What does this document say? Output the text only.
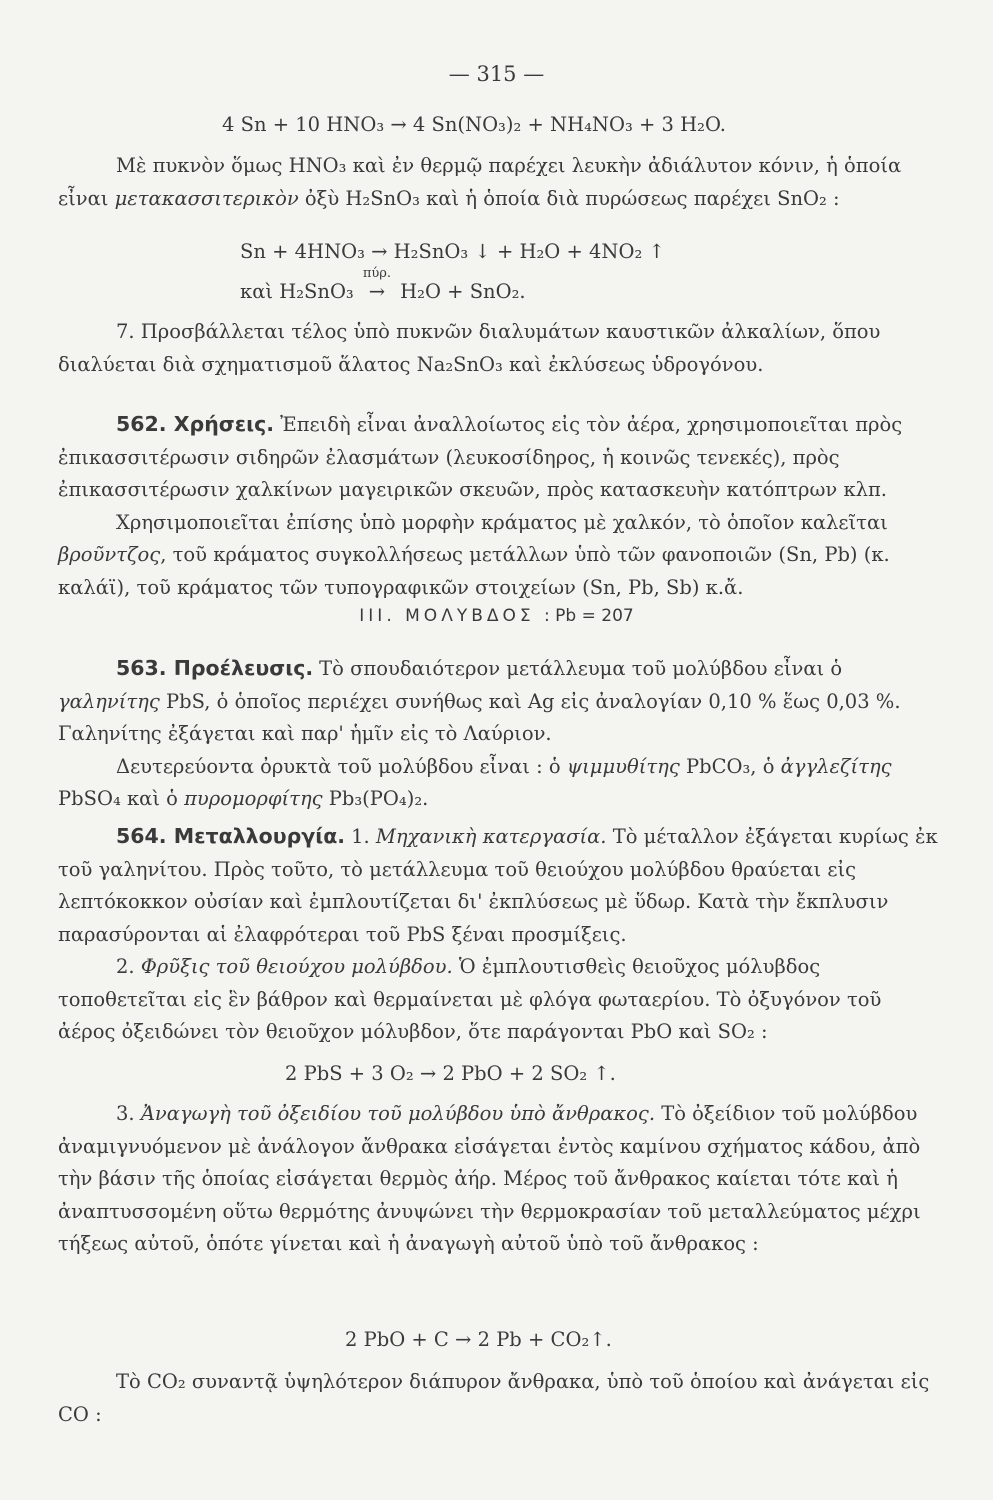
— 315 —
4 Sn + 10 HNO₃ → 4 Sn(NO₃)₂ + NH₄NO₃ + 3 H₂O.
Μὲ πυκνὸν ὅμως HNO₃ καὶ ἐν θερμῷ παρέχει λευκὴν ἀδιάλυτον κόνιν, ἡ ὁποία εἶναι μετακασσιτερικὸν ὀξὺ H₂SnO₃ καὶ ἡ ὁποία διὰ πυρώσεως παρέχει SnO₂ :
Sn + 4HNO₃ → H₂SnO₃ ↓ + H₂O + 4NO₂ ↑
καὶ H₂SnO₃
πύρ.
→ H₂O + SnO₂.
7. Προσβάλλεται τέλος ὑπὸ πυκνῶν διαλυμάτων καυστικῶν ἀλκαλίων, ὅπου διαλύεται διὰ σχηματισμοῦ ἅλατος Na₂SnO₃ καὶ ἐκλύσεως ὑδρογόνου.
562. Χρήσεις. Ἐπειδὴ εἶναι ἀναλλοίωτος εἰς τὸν ἀέρα, χρησιμοποιεῖται πρὸς ἐπικασσιτέρωσιν σιδηρῶν ἐλασμάτων (λευκοσίδηρος, ἡ κοινῶς τενεκές), πρὸς ἐπικασσιτέρωσιν χαλκίνων μαγειρικῶν σκευῶν, πρὸς κατασκευὴν κατόπτρων κλπ.
Χρησιμοποιεῖται ἐπίσης ὑπὸ μορφὴν κράματος μὲ χαλκόν, τὸ ὁποῖον καλεῖται βροῦντζος, τοῦ κράματος συγκολλήσεως μετάλλων ὑπὸ τῶν φανοποιῶν (Sn, Pb) (κ. καλάϊ), τοῦ κράματος τῶν τυπογραφικῶν στοιχείων (Sn, Pb, Sb) κ.ἄ.
III. ΜΟΛΥΒΔΟΣ : Pb = 207
563. Προέλευσις. Τὸ σπουδαιότερον μετάλλευμα τοῦ μολύβδου εἶναι ὁ γαληνίτης PbS, ὁ ὁποῖος περιέχει συνήθως καὶ Ag εἰς ἀναλογίαν 0,10 % ἕως 0,03 %. Γαληνίτης ἐξάγεται καὶ παρ' ἡμῖν εἰς τὸ Λαύριον.
Δευτερεύοντα ὀρυκτὰ τοῦ μολύβδου εἶναι : ὁ ψιμμυθίτης PbCO₃, ὁ ἀγγλεζίτης PbSO₄ καὶ ὁ πυρομορφίτης Pb₃(PO₄)₂.
564. Μεταλλουργία. 1. Μηχανικὴ κατεργασία. Τὸ μέταλλον ἐξάγεται κυρίως ἐκ τοῦ γαληνίτου. Πρὸς τοῦτο, τὸ μετάλλευμα τοῦ θειούχου μολύβδου θραύεται εἰς λεπτόκοκκον οὐσίαν καὶ ἐμπλουτίζεται δι' ἐκπλύσεως μὲ ὕδωρ. Κατὰ τὴν ἔκπλυσιν παρασύρονται αἱ ἐλαφρότεραι τοῦ PbS ξέναι προσμίξεις.
2. Φρῦξις τοῦ θειούχου μολύβδου. Ὁ ἐμπλουτισθεὶς θειοῦχος μόλυβδος τοποθετεῖται εἰς ἓν βάθρον καὶ θερμαίνεται μὲ φλόγα φωταερίου. Τὸ ὀξυγόνον τοῦ ἀέρος ὀξειδώνει τὸν θειοῦχον μόλυβδον, ὅτε παράγονται PbO καὶ SO₂ :
2 PbS + 3 O₂ → 2 PbO + 2 SO₂ ↑.
3. Ἀναγωγὴ τοῦ ὀξειδίου τοῦ μολύβδου ὑπὸ ἄνθρακος. Τὸ ὀξείδιον τοῦ μολύβδου ἀναμιγνυόμενον μὲ ἀνάλογον ἄνθρακα εἰσάγεται ἐντὸς καμίνου σχήματος κάδου, ἀπὸ τὴν βάσιν τῆς ὁποίας εἰσάγεται θερμὸς ἀήρ. Μέρος τοῦ ἄνθρακος καίεται τότε καὶ ἡ ἀναπτυσσομένη οὕτω θερμότης ἀνυψώνει τὴν θερμοκρασίαν τοῦ μεταλλεύματος μέχρι τήξεως αὐτοῦ, ὁπότε γίνεται καὶ ἡ ἀναγωγὴ αὐτοῦ ὑπὸ τοῦ ἄνθρακος :
2 PbO + C → 2 Pb + CO₂↑.
Τὸ CO₂ συναντᾷ ὑψηλότερον διάπυρον ἄνθρακα, ὑπὸ τοῦ ὁποίου καὶ ἀνάγεται εἰς CO :
